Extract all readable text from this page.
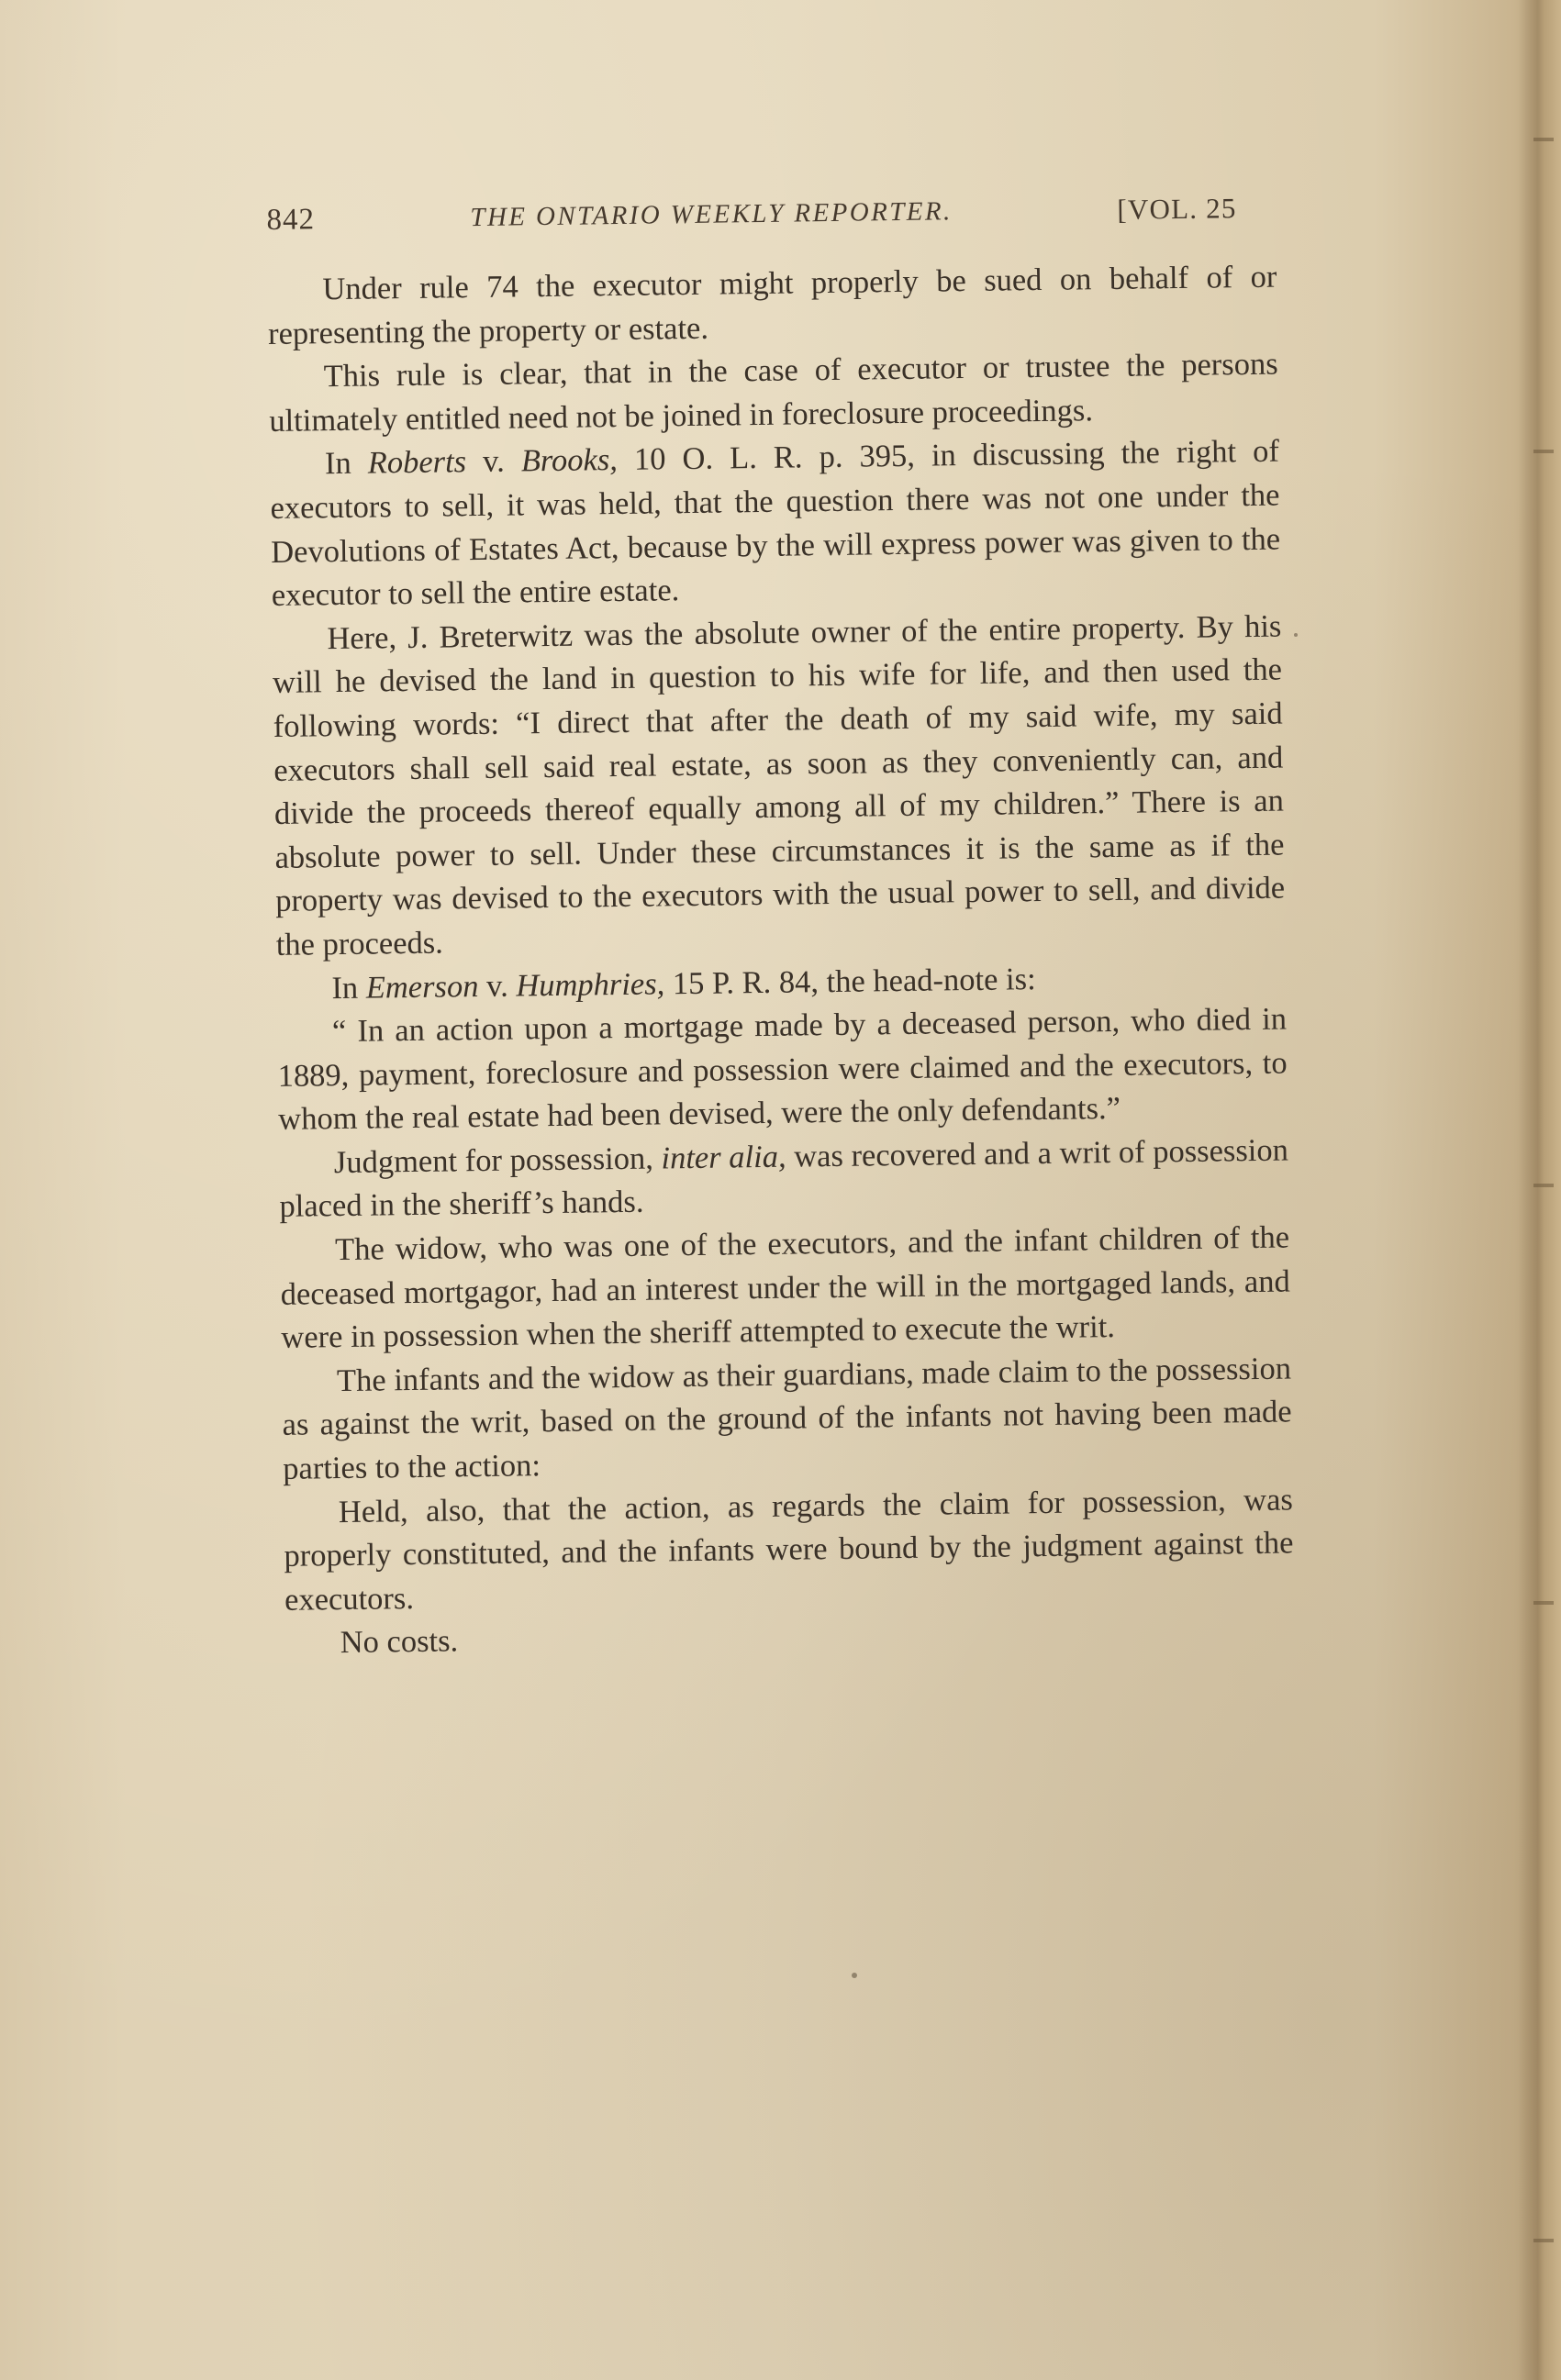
842	THE ONTARIO WEEKLY REPORTER.	[VOL. 25

Under rule 74 the executor might properly be sued on behalf of or representing the property or estate.

This rule is clear, that in the case of executor or trustee the persons ultimately entitled need not be joined in foreclosure proceedings.

In Roberts v. Brooks, 10 O. L. R. p. 395, in discussing the right of executors to sell, it was held, that the question there was not one under the Devolutions of Estates Act, because by the will express power was given to the executor to sell the entire estate.

Here, J. Breterwitz was the absolute owner of the entire property. By his will he devised the land in question to his wife for life, and then used the following words: “I direct that after the death of my said wife, my said executors shall sell said real estate, as soon as they conveniently can, and divide the proceeds thereof equally among all of my children.” There is an absolute power to sell. Under these circumstances it is the same as if the property was devised to the executors with the usual power to sell, and divide the proceeds.

In Emerson v. Humphries, 15 P. R. 84, the head-note is:

“ In an action upon a mortgage made by a deceased person, who died in 1889, payment, foreclosure and possession were claimed and the executors, to whom the real estate had been devised, were the only defendants.”

Judgment for possession, inter alia, was recovered and a writ of possession placed in the sheriff’s hands.

The widow, who was one of the executors, and the infant children of the deceased mortgagor, had an interest under the will in the mortgaged lands, and were in possession when the sheriff attempted to execute the writ.

The infants and the widow as their guardians, made claim to the possession as against the writ, based on the ground of the infants not having been made parties to the action:

Held, also, that the action, as regards the claim for possession, was properly constituted, and the infants were bound by the judgment against the executors.

No costs.
